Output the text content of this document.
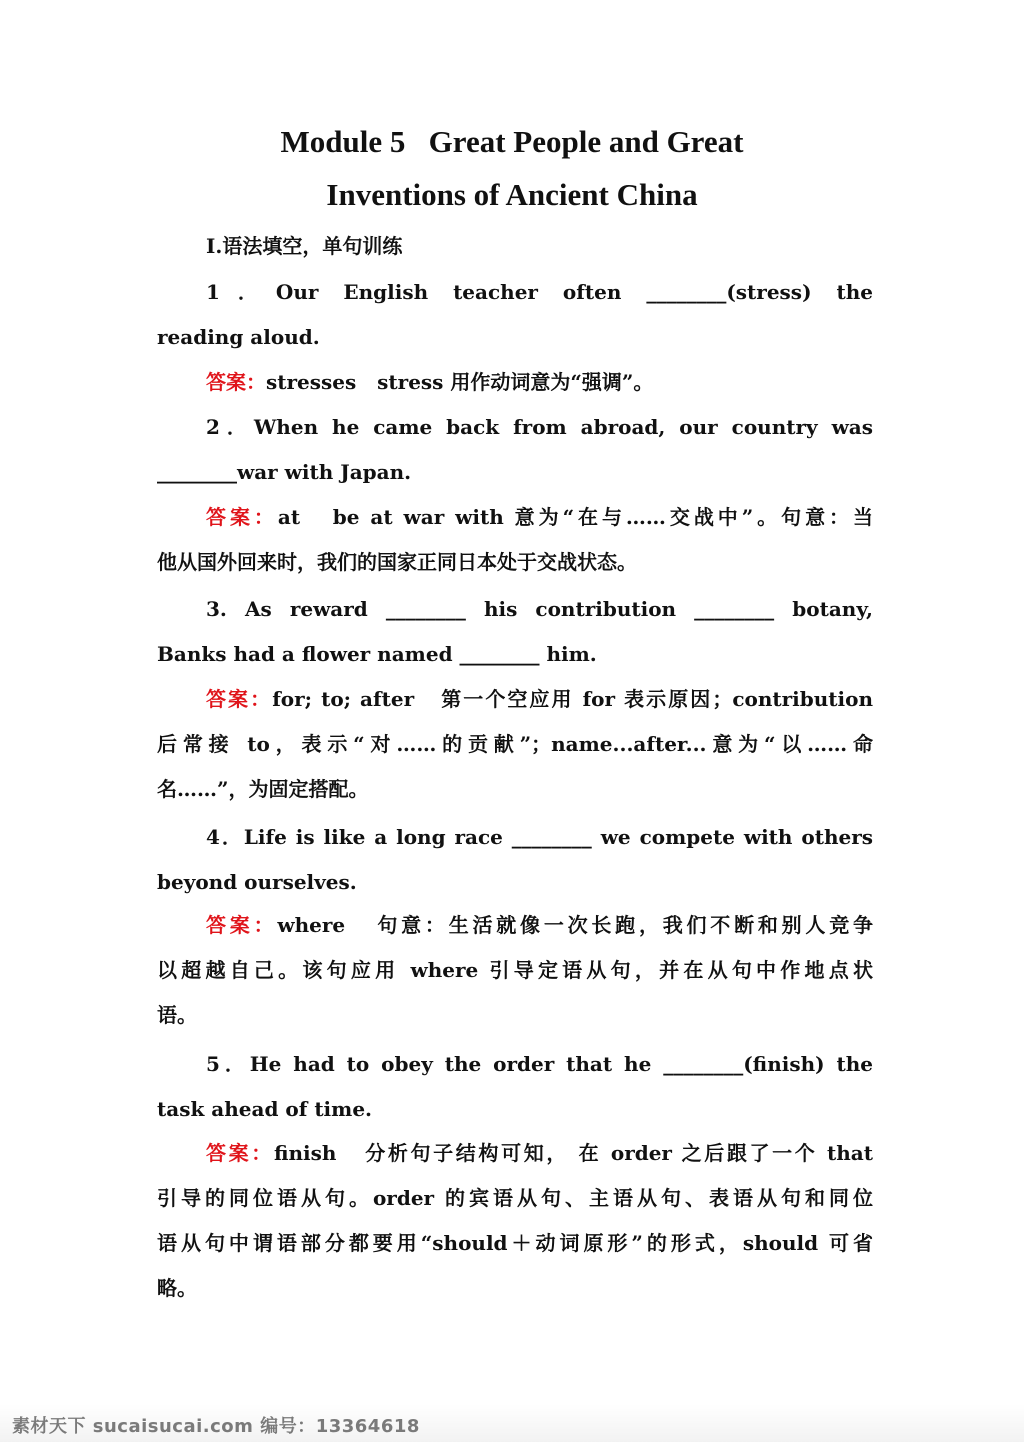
Module 5   Great People and Great
Inventions of Ancient China
Ⅰ.语法填空，单句训练
1．Our English teacher often ________(stress) the
reading aloud.
答案：stresses   stress 用作动词意为“强调”。
2．When he came back from abroad, our country was
________war with Japan.
答案：at   be at war with 意为“在与……交战中”。句意：当
他从国外回来时，我们的国家正同日本处于交战状态。
3. As reward ________ his contribution ________ botany,
Banks had a flower named ________ him.
答案：for; to; after   第一个空应用 for 表示原因；contribution
后常接 to，表示“对……的贡献”；name...after...意为“以……命
名……”，为固定搭配。
4．Life is like a long race ________ we compete with others
beyond ourselves.
答案：where   句意：生活就像一次长跑，我们不断和别人竞争
以超越自己。该句应用 where 引导定语从句，并在从句中作地点状
语。
5．He had to obey the order that he ________(finish) the
task ahead of time.
答案：finish   分析句子结构可知， 在 order 之后跟了一个 that
引导的同位语从句。order 的宾语从句、主语从句、表语从句和同位
语从句中谓语部分都要用“should＋动词原形”的形式，should 可省
略。
素材天下 sucaisucai.com 编号：13364618
